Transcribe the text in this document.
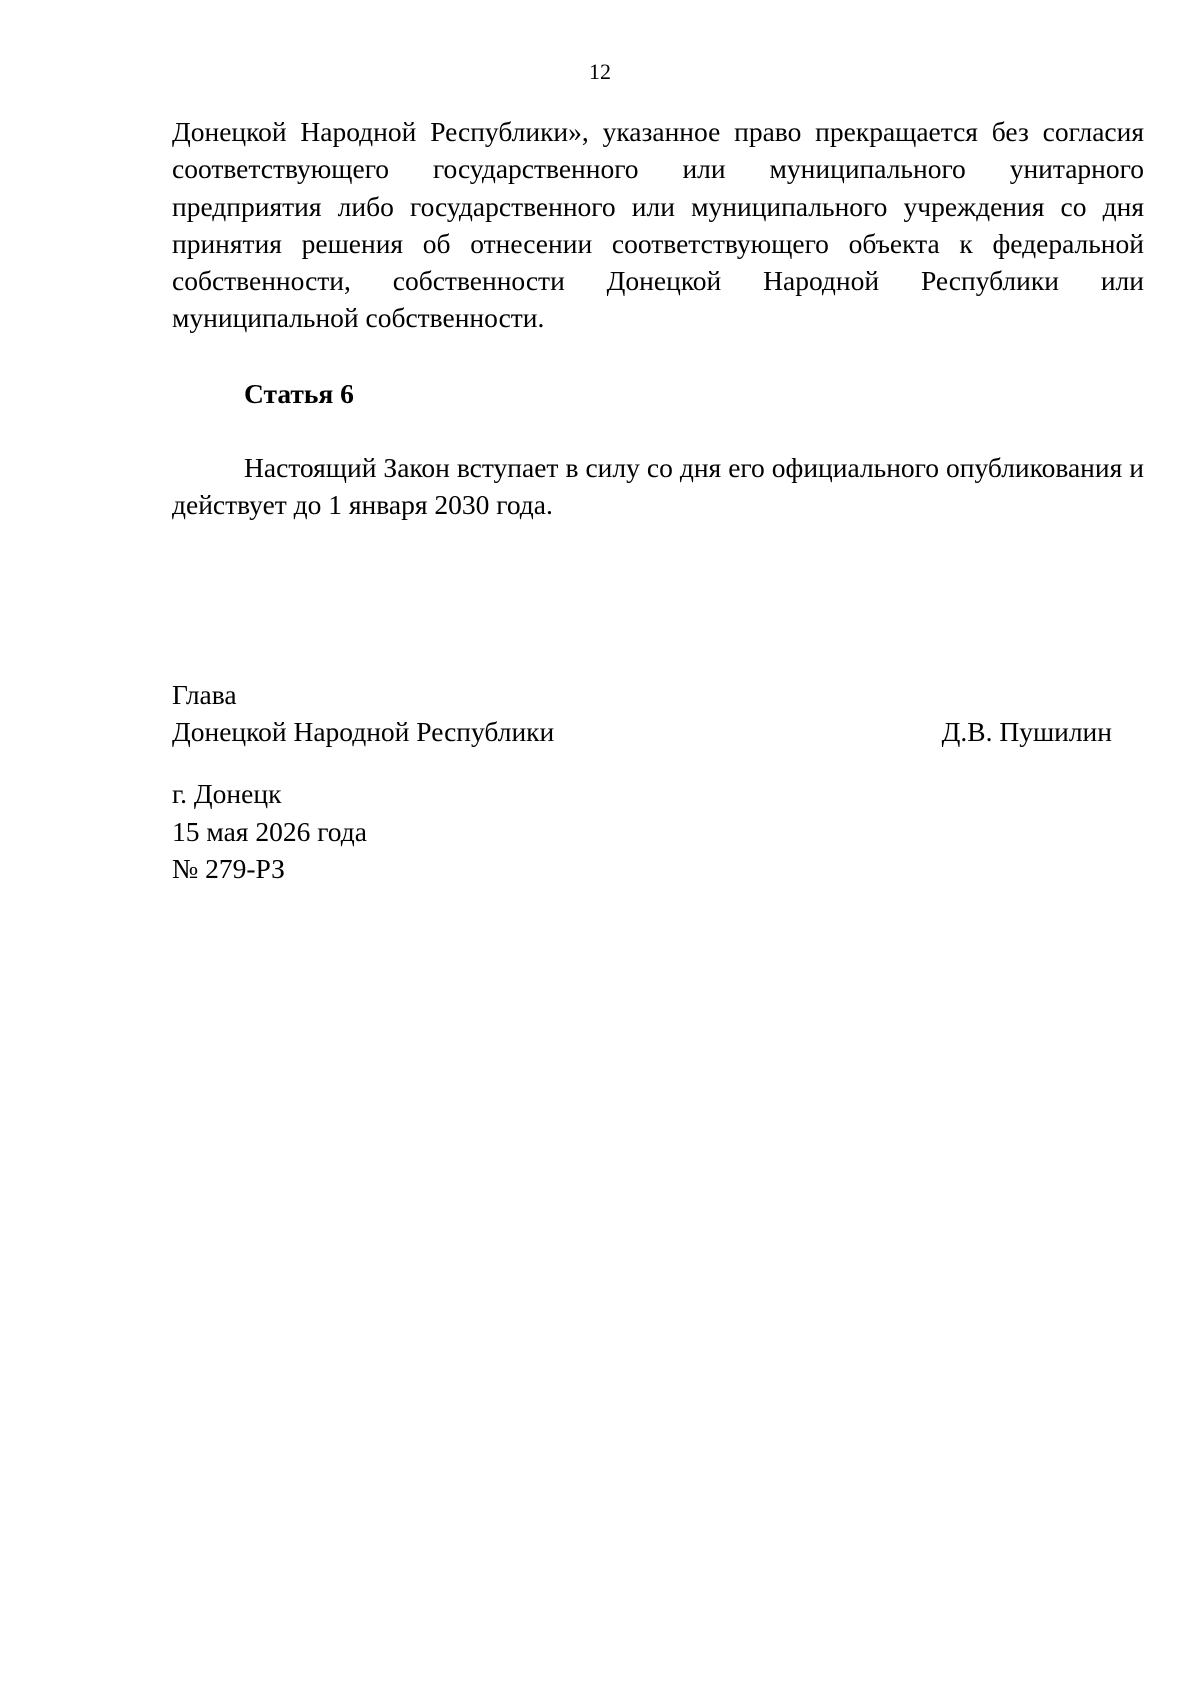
12
Донецкой Народной Республики», указанное право прекращается без согласия соответствующего государственного или муниципального унитарного предприятия либо государственного или муниципального учреждения со дня принятия решения об отнесении соответствующего объекта к федеральной собственности, собственности Донецкой Народной Республики или муниципальной собственности.
Статья 6
Настоящий Закон вступает в силу со дня его официального опубликования и действует до 1 января 2030 года.
Глава
Донецкой Народной Республики	Д.В. Пушилин
г. Донецк
15 мая 2026 года
№ 279-РЗ
